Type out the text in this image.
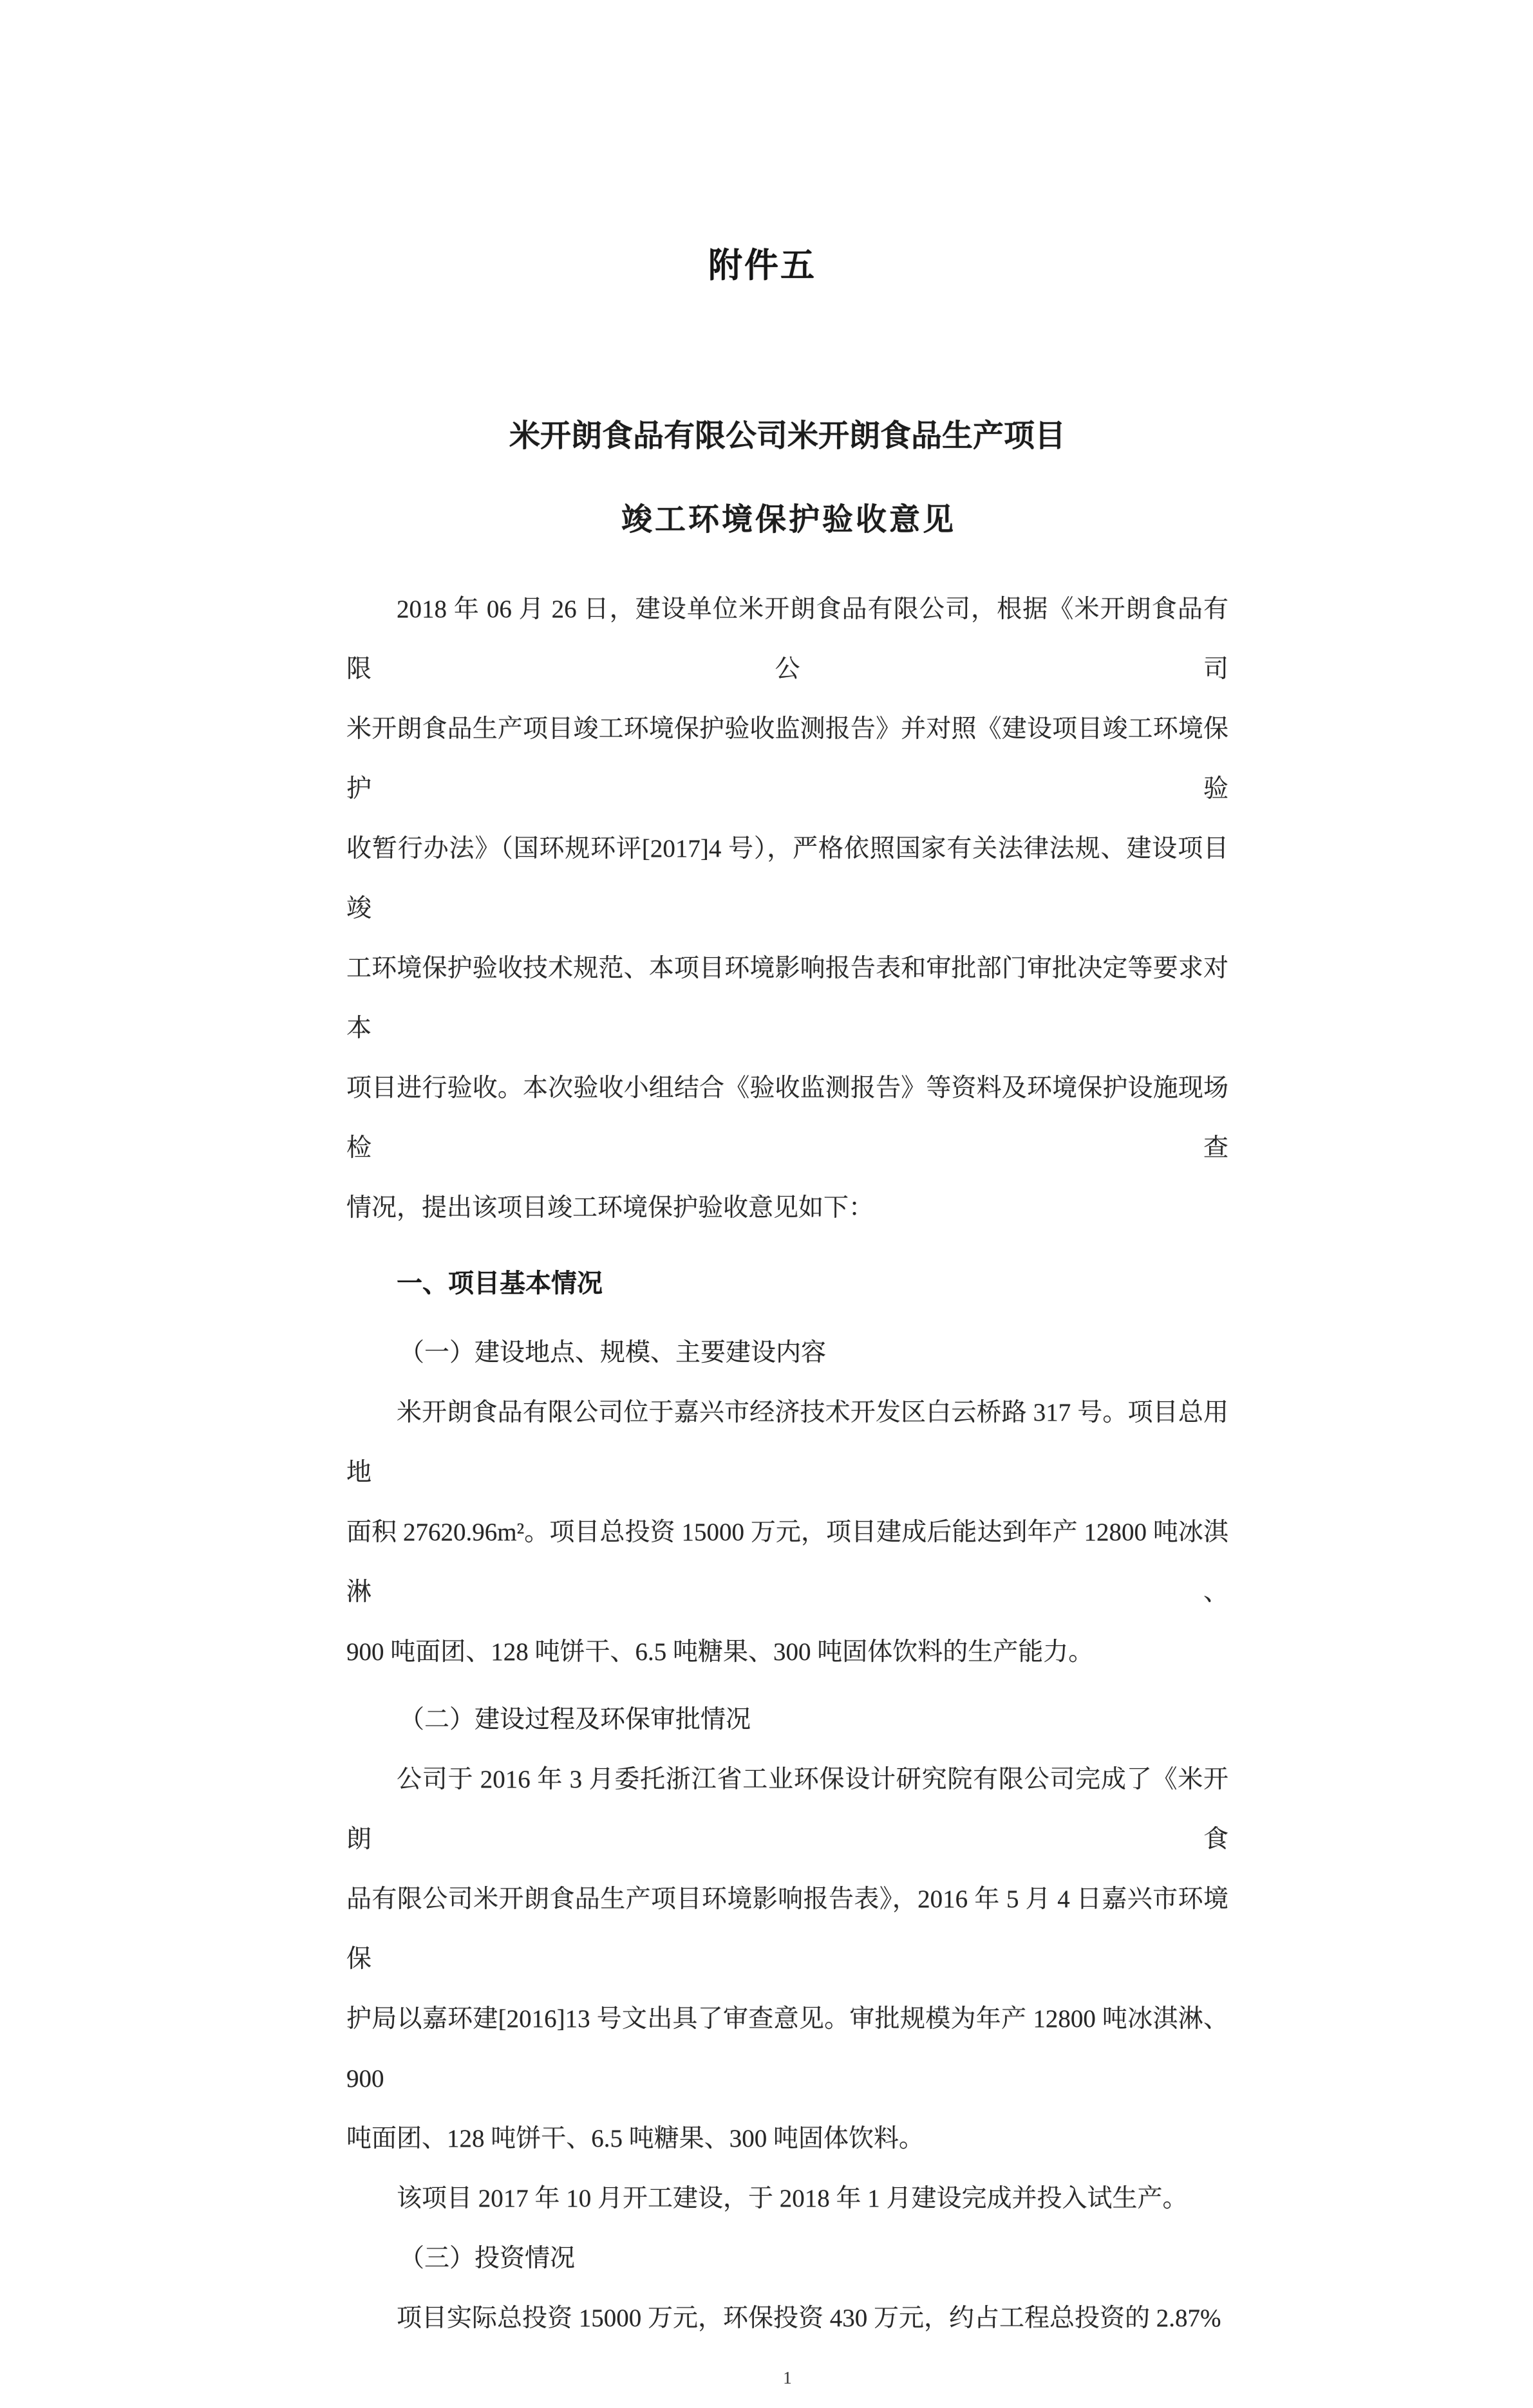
附件五
米开朗食品有限公司米开朗食品生产项目
竣工环境保护验收意见
2018 年 06 月 26 日，建设单位米开朗食品有限公司，根据《米开朗食品有限公司
米开朗食品生产项目竣工环境保护验收监测报告》并对照《建设项目竣工环境保护验
收暂行办法》（国环规环评[2017]4 号），严格依照国家有关法律法规、建设项目竣
工环境保护验收技术规范、本项目环境影响报告表和审批部门审批决定等要求对本
项目进行验收。本次验收小组结合《验收监测报告》等资料及环境保护设施现场检查
情况，提出该项目竣工环境保护验收意见如下：
一、项目基本情况
（一）建设地点、规模、主要建设内容
米开朗食品有限公司位于嘉兴市经济技术开发区白云桥路 317 号。项目总用地
面积 27620.96m²。项目总投资 15000 万元，项目建成后能达到年产 12800 吨冰淇淋、
900 吨面团、128 吨饼干、6.5 吨糖果、300 吨固体饮料的生产能力。
（二）建设过程及环保审批情况
公司于 2016 年 3 月委托浙江省工业环保设计研究院有限公司完成了《米开朗食
品有限公司米开朗食品生产项目环境影响报告表》，2016 年 5 月 4 日嘉兴市环境保
护局以嘉环建[2016]13 号文出具了审查意见。审批规模为年产 12800 吨冰淇淋、900
吨面团、128 吨饼干、6.5 吨糖果、300 吨固体饮料。
该项目 2017 年 10 月开工建设，于 2018 年 1 月建设完成并投入试生产。
（三）投资情况
项目实际总投资 15000 万元，环保投资 430 万元，约占工程总投资的 2.87%
1
